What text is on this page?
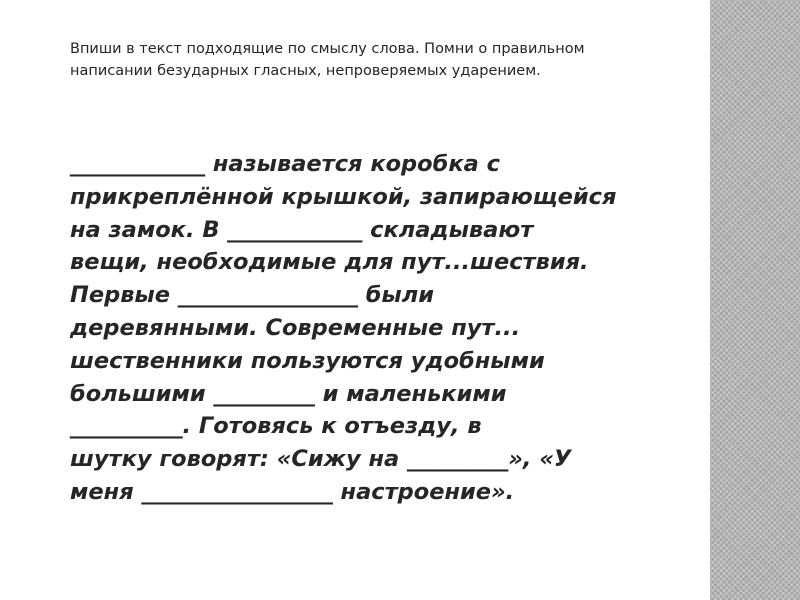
Впиши в текст подходящие по смыслу слова. Помни о правильном
написании безударных гласных, непроверяемых ударением.

____________ называется коробка с
прикреплённой крышкой, запирающейся
на замок. В ____________ складывают
вещи, необходимые для пут...шествия.
Первые ________________ были
деревянными. Современные пут...
шественники пользуются удобными
большими _________ и маленькими
__________. Готовясь к отъезду, в
шутку говорят: «Сижу на _________», «У
меня _________________ настроение».
